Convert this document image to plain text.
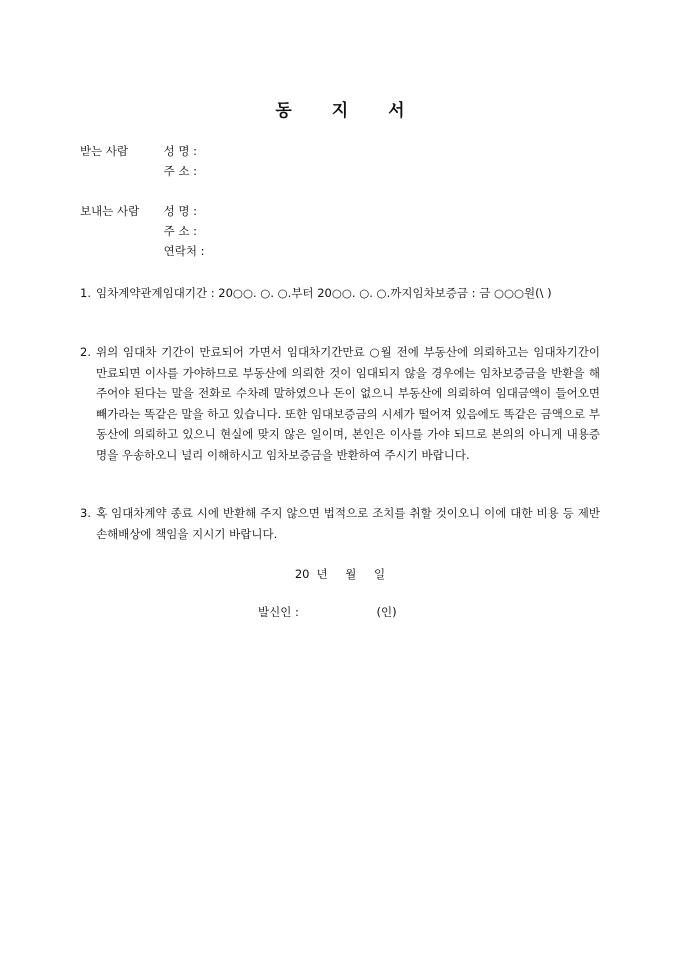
동 지 서
받는 사람	성 명 :
주 소 :
보내는 사람 성 명 :
주 소 :
연락처 :
1. 임차계약관계임대기간 : 20○○. ○. ○.부터 20○○. ○. ○.까지임차보증금 : 금 ○○○원(\ )
2. 위의 임대차 기간이 만료되어 가면서 임대차기간만료 ○월 전에 부동산에 의뢰하고는 임대차기간이 만료되면 이사를 가야하므로 부동산에 의뢰한 것이 임대되지 않을 경우에는 임차보증금을 반환을 해 주어야 된다는 말을 전화로 수차례 말하였으나 돈이 없으니 부동산에 의뢰하여 임대금액이 들어오면 빼가라는 똑같은 말을 하고 있습니다. 또한 임대보증금의 시세가 떨어져 있음에도 똑같은 금액으로 부동산에 의뢰하고 있으니 현실에 맞지 않은 일이며, 본인은 이사를 가야 되므로 본의의 아니게 내용증명을 우송하오니 널리 이해하시고 임차보증금을 반환하여 주시기 바랍니다.
3. 혹 임대차계약 종료 시에 반환해 주지 않으면 법적으로 조치를 취할 것이오니 이에 대한 비용 등 제반손해배상에 책임을 지시기 바랍니다.
20 년 월 일
발신인 :	(인)
